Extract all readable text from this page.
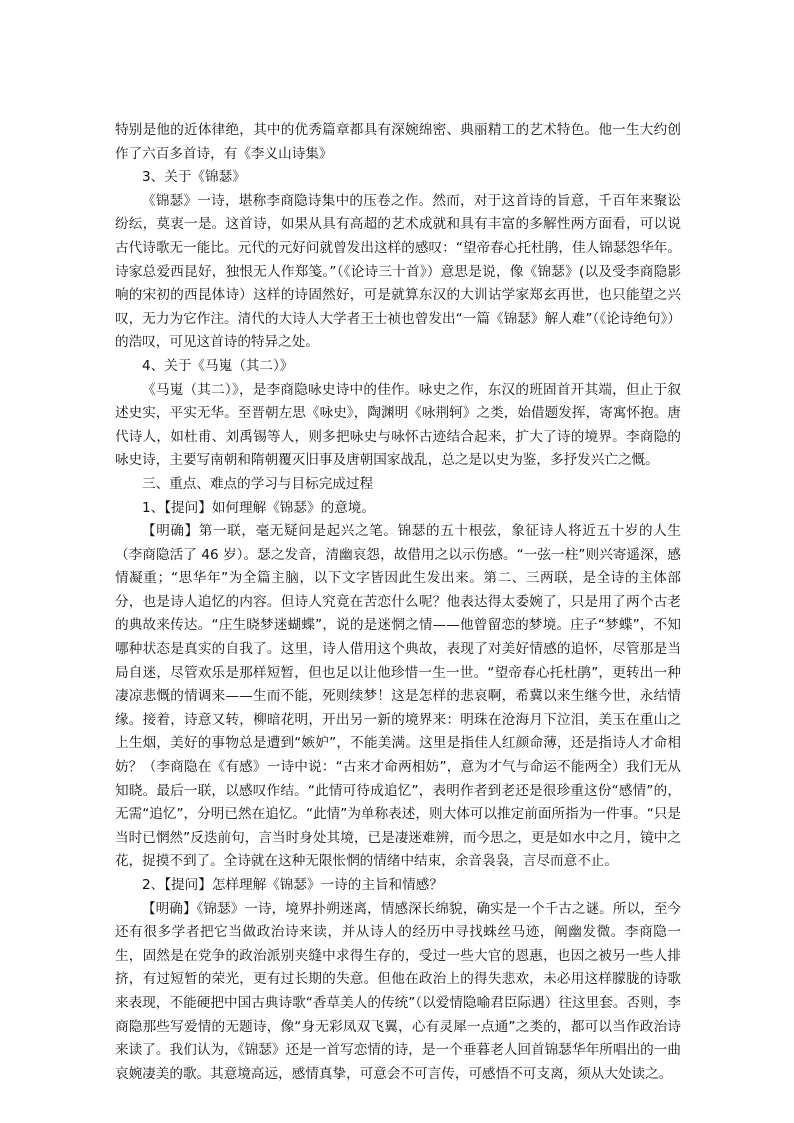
特别是他的近体律绝，其中的优秀篇章都具有深婉绵密、典丽精工的艺术特色。他一生大约创作了六百多首诗，有《李义山诗集》

3、关于《锦瑟》

《锦瑟》一诗，堪称李商隐诗集中的压卷之作。然而，对于这首诗的旨意，千百年来聚讼纷纭，莫衷一是。这首诗，如果从具有高超的艺术成就和具有丰富的多解性两方面看，可以说古代诗歌无一能比。元代的元好问就曾发出这样的感叹：“望帝春心托杜鹃，佳人锦瑟怨华年。诗家总爱西昆好，独恨无人作郑笺。”（《论诗三十首》）意思是说，像《锦瑟》(以及受李商隐影响的宋初的西昆体诗）这样的诗固然好，可是就算东汉的大训诂学家郑玄再世，也只能望之兴叹，无力为它作注。清代的大诗人大学者王士祯也曾发出“一篇《锦瑟》解人难”（《论诗绝句》）的浩叹，可见这首诗的特异之处。

4、关于《马嵬（其二）》

《马嵬（其二）》，是李商隐咏史诗中的佳作。咏史之作，东汉的班固首开其端，但止于叙述史实，平实无华。至晋朝左思《咏史》，陶渊明《咏荆轲》之类，始借题发挥，寄寓怀抱。唐代诗人，如杜甫、刘禹锡等人，则多把咏史与咏怀古迹结合起来，扩大了诗的境界。李商隐的咏史诗，主要写南朝和隋朝覆灭旧事及唐朝国家战乱，总之是以史为鉴，多抒发兴亡之慨。

三、重点、难点的学习与目标完成过程

1、【提问】如何理解《锦瑟》的意境。

【明确】第一联，毫无疑问是起兴之笔。锦瑟的五十根弦，象征诗人将近五十岁的人生（李商隐活了 46 岁）。瑟之发音，清幽哀怨，故借用之以示伤感。“一弦一柱”则兴寄遥深，感情凝重；“思华年”为全篇主脑，以下文字皆因此生发出来。第二、三两联，是全诗的主体部分，也是诗人追忆的内容。但诗人究竟在苦恋什么呢？他表达得太委婉了，只是用了两个古老的典故来传达。“庄生晓梦迷蝴蝶”，说的是迷惘之情——他曾留恋的梦境。庄子“梦蝶”，不知哪种状态是真实的自我了。这里，诗人借用这个典故，表现了对美好情感的追怀，尽管那是当局自迷，尽管欢乐是那样短暂，但也足以让他珍惜一生一世。“望帝春心托杜鹃”，更转出一种凄凉悲慨的情调来——生而不能，死则续梦！这是怎样的悲哀啊，希冀以来生继今世，永结情缘。接着，诗意又转，柳暗花明，开出另一新的境界来：明珠在沧海月下泣泪，美玉在重山之上生烟，美好的事物总是遭到“嫉妒”，不能美满。这里是指佳人红颜命薄，还是指诗人才命相妨？（李商隐在《有感》一诗中说：“古来才命两相妨”，意为才气与命运不能两全）我们无从知晓。最后一联，以感叹作结。“此情可待成追忆”，表明作者到老还是很珍重这份“感情”的，无需“追忆”，分明已然在追忆。“此情”为单称表述，则大体可以推定前面所指为一件事。“只是当时已惘然”反迭前句，言当时身处其境，已是凄迷难辨，而今思之，更是如水中之月，镜中之花，捉摸不到了。全诗就在这种无限怅惘的情绪中结束，余音袅袅，言尽而意不止。

2、【提问】怎样理解《锦瑟》一诗的主旨和情感？

【明确】《锦瑟》一诗，境界扑朔迷离，情感深长绵貌，确实是一个千古之谜。所以，至今还有很多学者把它当做政治诗来读，并从诗人的经历中寻找蛛丝马迹，阐幽发微。李商隐一生，固然是在党争的政治派别夹缝中求得生存的，受过一些大官的恩惠，也因之被另一些人排挤，有过短暂的荣光，更有过长期的失意。但他在政治上的得失悲欢，未必用这样朦胧的诗歌来表现，不能硬把中国古典诗歌“香草美人的传统”（以爱情隐喻君臣际遇）往这里套。否则，李商隐那些写爱情的无题诗，像“身无彩凤双飞翼，心有灵犀一点通”之类的，都可以当作政治诗来读了。我们认为，《锦瑟》还是一首写恋情的诗，是一个垂暮老人回首锦瑟华年所唱出的一曲哀婉凄美的歌。其意境高远，感情真挚，可意会不可言传，可感悟不可支离，须从大处读之。
